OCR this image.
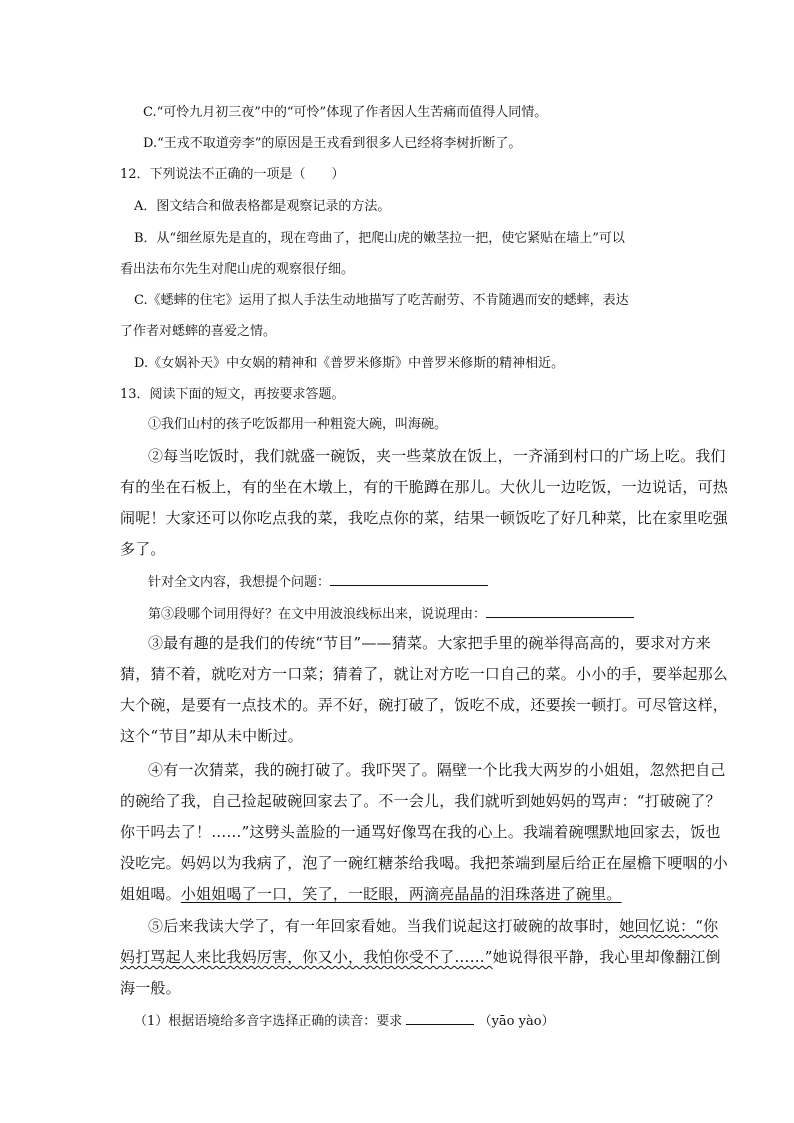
C.“可怜九月初三夜”中的“可怜”体现了作者因人生苦痛而值得人同情。
D.“王戎不取道旁李”的原因是王戎看到很多人已经将李树折断了。
12．下列说法不正确的一项是（　　）
A．图文结合和做表格都是观察记录的方法。
B．从“细丝原先是直的，现在弯曲了，把爬山虎的嫩茎拉一把，使它紧贴在墙上”可以
看出法布尔先生对爬山虎的观察很仔细。
C.《蟋蟀的住宅》运用了拟人手法生动地描写了吃苦耐劳、不肯随遇而安的蟋蟀，表达
了作者对蟋蟀的喜爱之情。
D.《女娲补天》中女娲的精神和《普罗米修斯》中普罗米修斯的精神相近。
13．阅读下面的短文，再按要求答题。
①我们山村的孩子吃饭都用一种粗瓷大碗，叫海碗。
②每当吃饭时，我们就盛一碗饭，夹一些菜放在饭上，一齐涌到村口的广场上吃。我们
有的坐在石板上，有的坐在木墩上，有的干脆蹲在那儿。大伙儿一边吃饭，一边说话，可热
闹呢！大家还可以你吃点我的菜，我吃点你的菜，结果一顿饭吃了好几种菜，比在家里吃强
多了。
针对全文内容，我想提个问题：
第③段哪个词用得好？在文中用波浪线标出来，说说理由：
③最有趣的是我们的传统“节目”——猜菜。大家把手里的碗举得高高的，要求对方来
猜，猜不着，就吃对方一口菜；猜着了，就让对方吃一口自己的菜。小小的手，要举起那么
大个碗，是要有一点技术的。弄不好，碗打破了，饭吃不成，还要挨一顿打。可尽管这样，
这个“节目”却从未中断过。
④有一次猜菜，我的碗打破了。我吓哭了。隔壁一个比我大两岁的小姐姐，忽然把自己
的碗给了我，自己捡起破碗回家去了。不一会儿，我们就听到她妈妈的骂声：“打破碗了？
你干吗去了！……”这劈头盖脸的一通骂好像骂在我的心上。我端着碗嘿默地回家去，饭也
没吃完。妈妈以为我病了，泡了一碗红糖茶给我喝。我把茶端到屋后给正在屋檐下哽咽的小
姐姐喝。小姐姐喝了一口，笑了，一眨眼，两滴亮晶晶的泪珠落进了碗里。
⑤后来我读大学了，有一年回家看她。当我们说起这打破碗的故事时，她回忆说：“你
妈打骂起人来比我妈厉害，你又小，我怕你受不了……”她说得很平静，我心里却像翻江倒
海一般。
（1）根据语境给多音字选择正确的读音：要求	（yāo yào）
